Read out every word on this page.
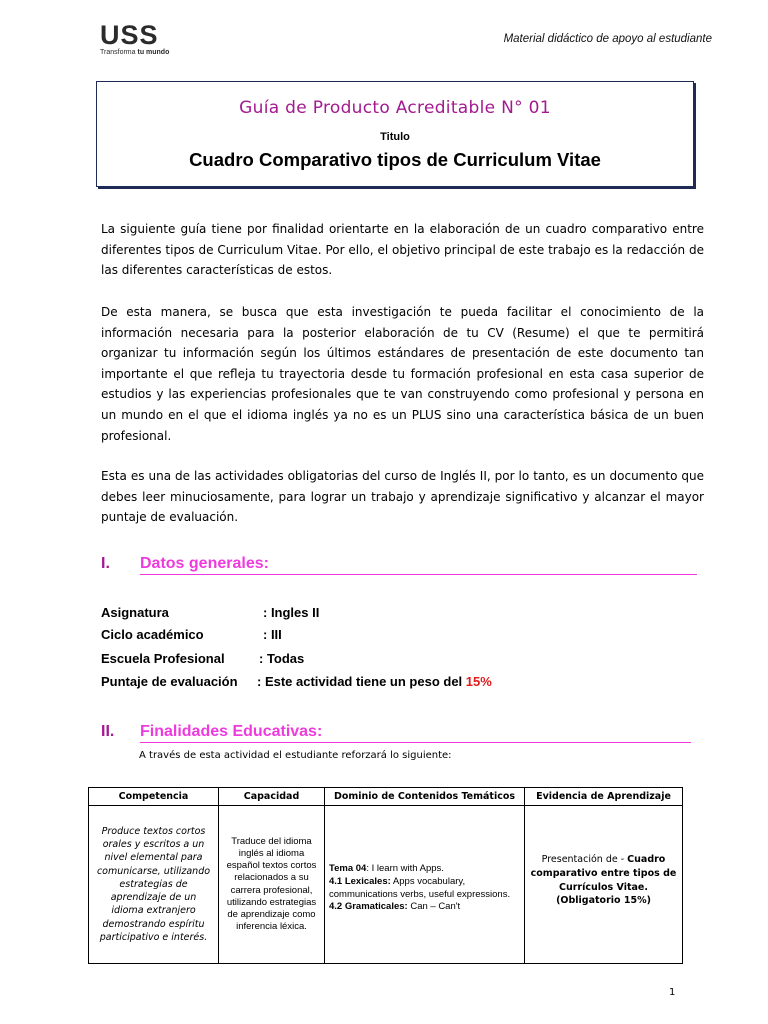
USS
Transforma tu mundo
Material didáctico de apoyo al estudiante
Guía de Producto Acreditable N° 01
Titulo
Cuadro Comparativo tipos de Curriculum Vitae
La siguiente guía tiene por finalidad orientarte en la elaboración de un cuadro comparativo entre diferentes tipos de Curriculum Vitae. Por ello, el objetivo principal de este trabajo es la redacción de las diferentes características de estos.
De esta manera, se busca que esta investigación te pueda facilitar el conocimiento de la información necesaria para la posterior elaboración de tu CV (Resume) el que te permitirá organizar tu información según los últimos estándares de presentación de este documento tan importante el que refleja tu trayectoria desde tu formación profesional en esta casa superior de estudios y las experiencias profesionales que te van construyendo como profesional y persona en un mundo en el que el idioma inglés ya no es un PLUS sino una característica básica de un buen profesional.
Esta es una de las actividades obligatorias del curso de Inglés II, por lo tanto, es un documento que debes leer minuciosamente, para lograr un trabajo y aprendizaje significativo y alcanzar el mayor puntaje de evaluación.
I. Datos generales:
Asignatura	: Ingles II
Ciclo académico	: III
Escuela Profesional	: Todas
Puntaje de evaluación : Este actividad tiene un peso del 15%
II. Finalidades Educativas:
A través de esta actividad el estudiante reforzará lo siguiente:
Competencia	Capacidad	Dominio de Contenidos Temáticos	Evidencia de Aprendizaje

Produce textos cortos orales y escritos a un nivel elemental para comunicarse, utilizando estrategias de aprendizaje de un idioma extranjero demostrando espíritu participativo e interés.	Traduce del idioma inglés al idioma español textos cortos relacionados a su carrera profesional, utilizando estrategias de aprendizaje como inferencia léxica.	Tema 04: I learn with Apps.
4.1 Lexicales: Apps vocabulary, communications verbs, useful expressions.
4.2 Gramaticales: Can – Can't	Presentación de - Cuadro comparativo entre tipos de Currículos Vitae.
(Obligatorio 15%)
1
